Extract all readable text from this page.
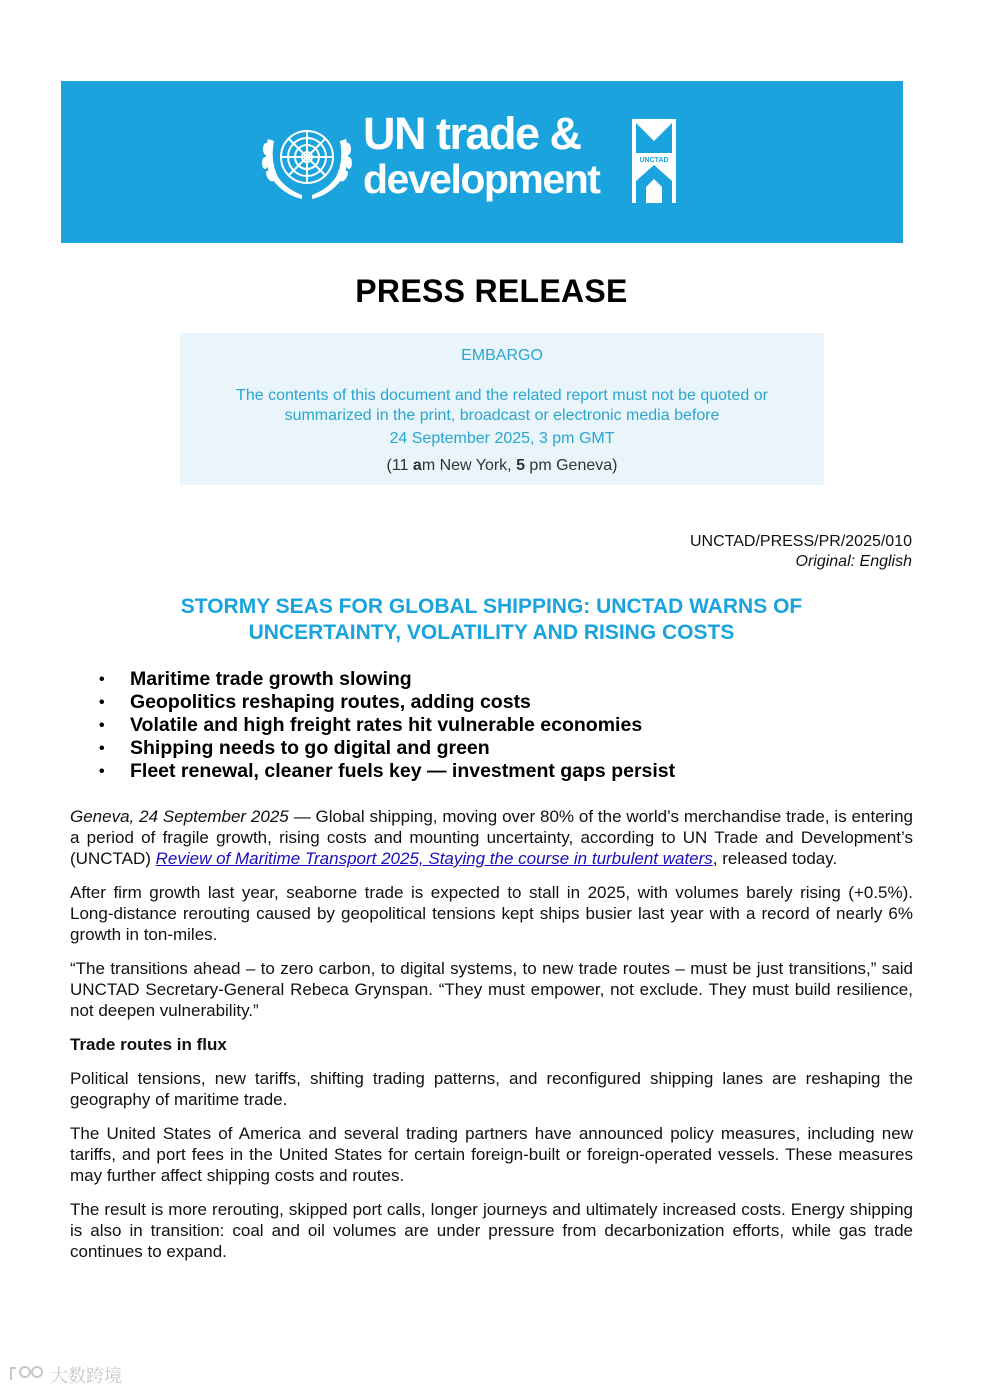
UN trade &
development	UNCTAD
PRESS RELEASE
EMBARGO
The contents of this document and the related report must not be quoted or summarized in the print, broadcast or electronic media before
24 September 2025, 3 pm GMT
(11 am New York, 5 pm Geneva)
UNCTAD/PRESS/PR/2025/010
Original: English
STORMY SEAS FOR GLOBAL SHIPPING: UNCTAD WARNS OF UNCERTAINTY, VOLATILITY AND RISING COSTS
• Maritime trade growth slowing
• Geopolitics reshaping routes, adding costs
• Volatile and high freight rates hit vulnerable economies
• Shipping needs to go digital and green
• Fleet renewal, cleaner fuels key — investment gaps persist

Geneva, 24 September 2025 — Global shipping, moving over 80% of the world’s merchandise trade, is entering a period of fragile growth, rising costs and mounting uncertainty, according to UN Trade and Development’s (UNCTAD) Review of Maritime Transport 2025, Staying the course in turbulent waters, released today.

After firm growth last year, seaborne trade is expected to stall in 2025, with volumes barely rising (+0.5%). Long-distance rerouting caused by geopolitical tensions kept ships busier last year with a record of nearly 6% growth in ton-miles.

“The transitions ahead – to zero carbon, to digital systems, to new trade routes – must be just transitions,” said UNCTAD Secretary-General Rebeca Grynspan. “They must empower, not exclude. They must build resilience, not deepen vulnerability.”

Trade routes in flux

Political tensions, new tariffs, shifting trading patterns, and reconfigured shipping lanes are reshaping the geography of maritime trade.

The United States of America and several trading partners have announced policy measures, including new tariffs, and port fees in the United States for certain foreign-built or foreign-operated vessels. These measures may further affect shipping costs and routes.

The result is more rerouting, skipped port calls, longer journeys and ultimately increased costs. Energy shipping is also in transition: coal and oil volumes are under pressure from decarbonization efforts, while gas trade continues to expand.

大数跨境
